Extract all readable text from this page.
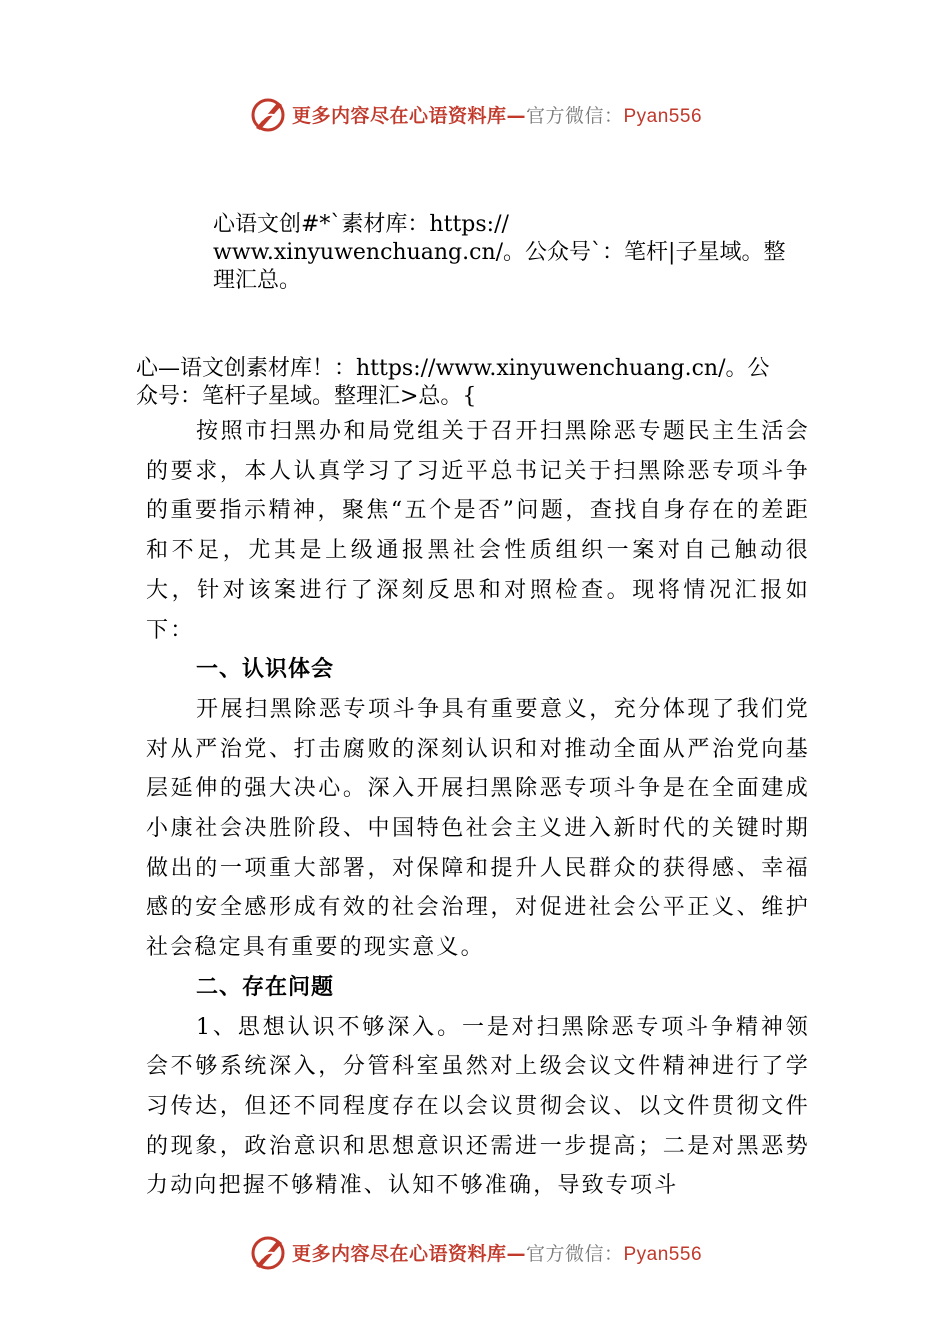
更多内容尽在心语资料库—官方微信：Pyan556
心语文创#*`素材库：https://
www.xinyuwenchuang.cn/。公众号`：笔杆|子星域。整
理汇总。
心—语文创素材库！：https://www.xinyuwenchuang.cn/。公
众号：笔杆子星域。整理汇>总。{

按照市扫黑办和局党组关于召开扫黑除恶专题民主生活会的要求，本人认真学习了习近平总书记关于扫黑除恶专项斗争的重要指示精神，聚焦“五个是否”问题，查找自身存在的差距和不足，尤其是上级通报黑社会性质组织一案对自己触动很大，针对该案进行了深刻反思和对照检查。现将情况汇报如下：

一、认识体会

开展扫黑除恶专项斗争具有重要意义，充分体现了我们党对从严治党、打击腐败的深刻认识和对推动全面从严治党向基层延伸的强大决心。深入开展扫黑除恶专项斗争是在全面建成小康社会决胜阶段、中国特色社会主义进入新时代的关键时期做出的一项重大部署，对保障和提升人民群众的获得感、幸福感的安全感形成有效的社会治理，对促进社会公平正义、维护社会稳定具有重要的现实意义。

二、存在问题

1、思想认识不够深入。一是对扫黑除恶专项斗争精神领会不够系统深入，分管科室虽然对上级会议文件精神进行了学习传达，但还不同程度存在以会议贯彻会议、以文件贯彻文件的现象，政治意识和思想意识还需进一步提高；二是对黑恶势力动向把握不够精准、认知不够准确，导致专项斗

更多内容尽在心语资料库—官方微信：Pyan556
